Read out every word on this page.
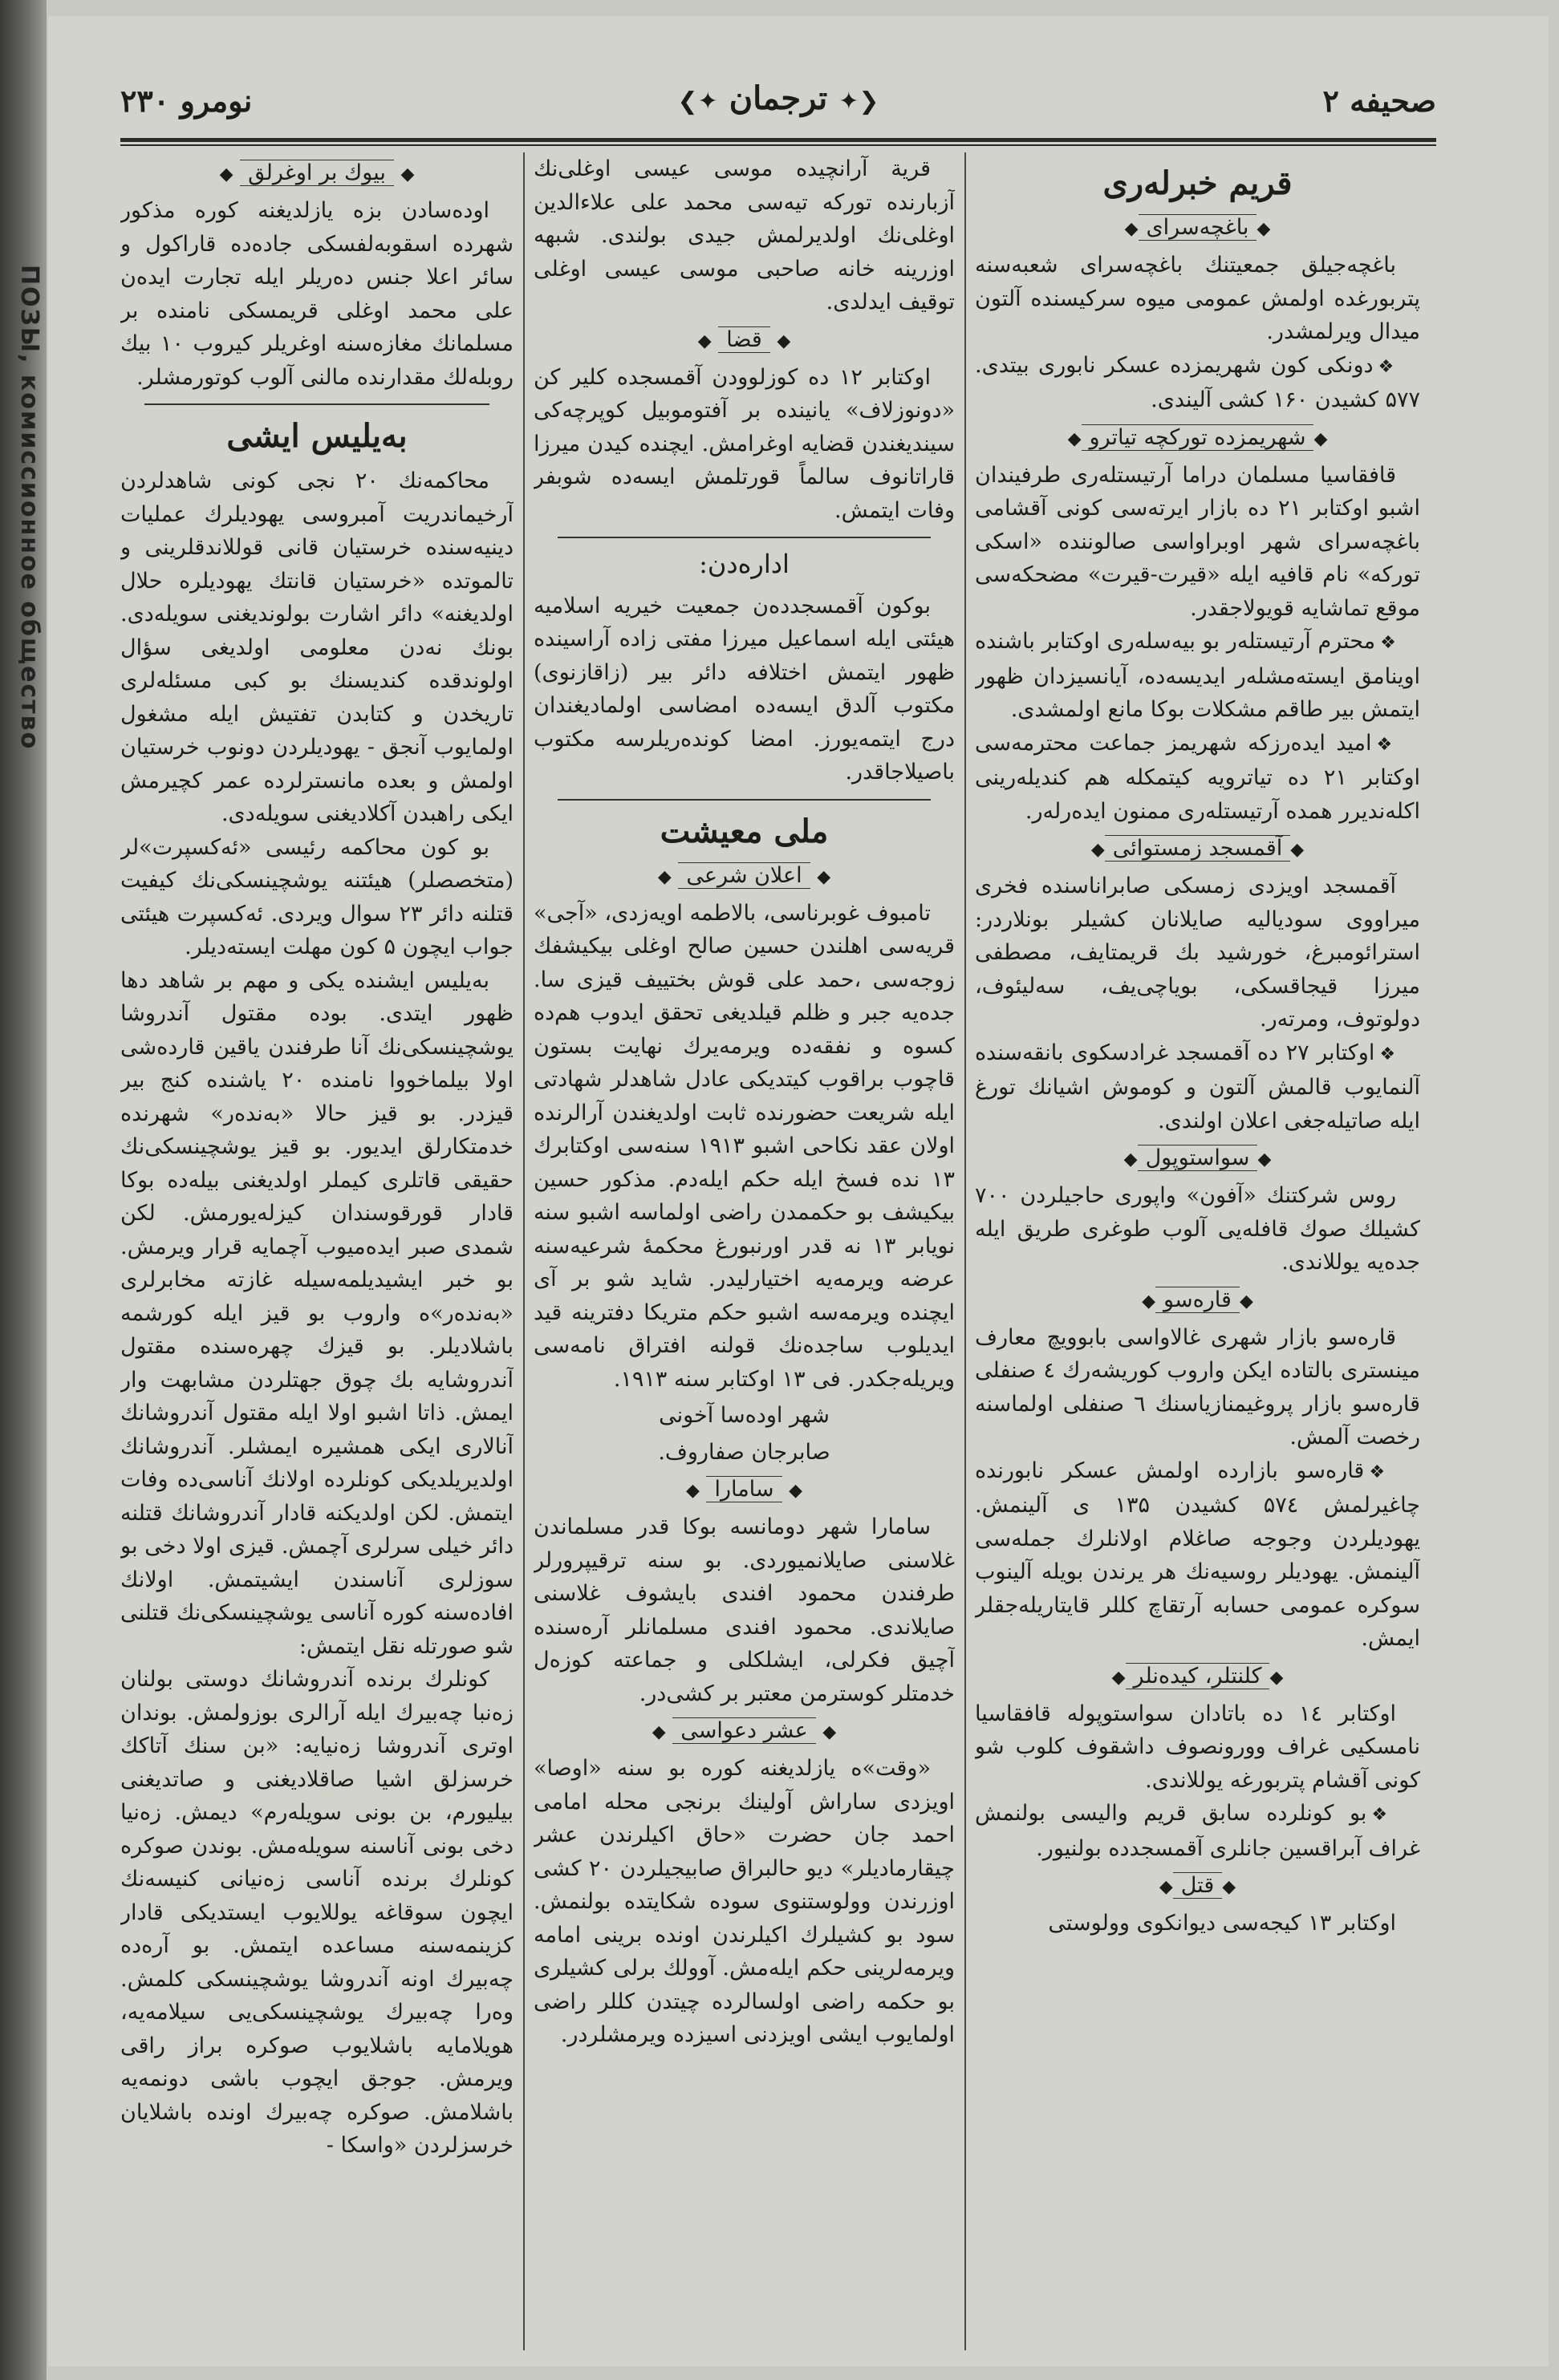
ПОЗЫ, комиссионное общество
صحیفه ۲
❮✦ ترجمان ✦❯
نومرو ۲۳۰
قریم خبرلەری
◆باغچەسرای◆

باغچەجیلق جمعیتنك باغچەسرای شعبەسنه پتربورغدە اولمش عمومی میوه سرکیسنده آلتون میدال ویرلمشدر.

❖دونکی کون شهریمزده عسکر نابوری بیتدی. ۵۷۷ کشیدن ۱۶۰ کشی آلیندی.

◆شهریمزده تورکچه تیاترو◆

قافقاسیا مسلمان دراما آرتیستلەری طرفیندان اشبو اوکتابر ۲۱ ده بازار ایرتەسی کونی آقشامی باغچەسرای شهر اوبراواسی صالوننده «اسکی تورکه» نام قافیه ایله «قیرت-قیرت» مضحکه‌سی موقع تماشایه قویولاجقدر.

❖محترم آرتیستلەر بو بیەسلەری اوکتابر باشنده اوینامق ایستەمشلەر ایدیسەده، آیانسیزدان ظهور ایتمش بیر طاقم مشکلات بوکا مانع اولمشدی.

❖امید ایدەرزکه شهریمز جماعت محترمەسی اوکتابر ۲۱ ده تیاترویه کیتمکله هم کندیلەرینی اکلەندیرر همده آرتیستلەری ممنون ایدەرلەر.

◆آقمسجد زمستوائی◆

آقمسجد اویزدی زمسکی صابراناسنده فخری میراووی سودیالیه صایلانان کشیلر بونلاردر: استرائومبرغ، خورشید بك قریمتایف، مصطفی میرزا قیجاقسکی، بویاچی‌یف، سەلیئوف، دولوتوف، ومرتەر.

❖اوکتابر ۲۷ ده آقمسجد غرادسکوی بانقەسنده آلنمایوب قالمش آلتون و کوموش اشیانك تورغ ایله صاتیلەجغی اعلان اولندی.

◆سواستوپول◆

روس شرکتنك «آفون» واپوری حاجیلردن ۷۰۰ کشیلك صوك قافلەیی آلوب طوغری طریق ایله جدەیه یوللاندی.

◆قاره‌سو◆

قاره‌سو بازار شهری غالاواسی بابوویچ معارف مینستری بالتاده ایکن واروب کوریشەرك ٤ صنفلی قاره‌سو بازار پروغیمنازیاسنك ٦ صنفلی اولماسنه رخصت آلمش.

❖قاره‌سو بازارده اولمش عسکر نابورنده چاغیرلمش ۵۷٤ کشیدن ۱۳۵ ی آلینمش. یهودیلردن وجوجه صاغلام اولانلرك جملەسی آلینمش. یهودیلر روسیەنك هر یرندن بویله آلینوب سوکره عمومی حسابه آرتقاچ کللر قایتاریلەجقلر ایمش.

◆کلنتلر، کیده‌نلر◆

اوکتابر ۱٤ ده باتادان سواستوپوله قافقاسیا نامسکیی غراف وورونصوف داشقوف کلوب شو کونی آقشام پتربورغه یوللاندی.

❖بو کونلرده سابق قریم والیسی بولنمش غراف آبراقسین جانلری آقمسجدده بولنیور.

◆قتل◆

اوکتابر ۱۳ کیجەسی دیوانکوی وولوستی

قریة آرانچیده موسی عیسی اوغلی‌نك آزبارنده تورکه تیەسی محمد علی علاءالدین اوغلی‌نك اولدیرلمش جیدی بولندی. شبهه اوزرینه خانه صاحبی موسی عیسی اوغلی توقیف ایدلدی.

◆ قضا ◆

اوکتابر ۱۲ ده کوزلوودن آقمسجده کلیر کن «دونوزلاف» یانینده بر آفتوموبیل کوپرچه‌کی سینديغندن قضایه اوغرامش. ایچنده کیدن میرزا قاراتانوف سالماً قورتلمش ایسەده شوبفر وفات ایتمش.

اداره‌دن:

بوکون آقمسجددەن جمعیت خیریه اسلامیه هیئتی ایله اسماعیل میرزا مفتی زاده آراسینده ظهور ایتمش اختلافه دائر بیر (زاقازنوی) مکتوب آلدق ایسەده امضاسی اولمادیغندان درج ایتمەیورز. امضا کوندەریلرسه مکتوب باصیلاجاقدر.

ملی معیشت
◆ اعلان شرعی ◆

تامبوف غوبرناسی، بالاطمه اویەزدی، «آجی» قریەسی اهلندن حسین صالح اوغلی بیکیشفك زوجەسی ،حمد علی قوش بختییف قیزی سا. جدەیه جبر و ظلم قیلدیغی تحقق ایدوب هم‌ده کسوه و نفقەده ویرمەیرك نهایت بستون قاچوب براقوب کیتدیکی عادل شاهدلر شهادتی ایله شریعت حضورنده ثابت اولدیغندن آرالرنده اولان عقد نکاحی اشبو ۱۹۱۳ سنەسی اوکتابرك ۱۳ نده فسخ ایله حکم ایلەدم. مذکور حسین بیکیشف بو حکممدن راضی اولماسه اشبو سنه نویابر ۱۳ نه قدر اورنبورغ محکمهٔ شرعیەسنه عرضه ویرمەیه اختیارلیدر. شاید شو بر آی ایچنده ویرمەسه اشبو حکم متریکا دفترینه قید ایدیلوب ساجدەنك قولنه افتراق نامەسی ویریلەجکدر. فی ۱۳ اوکتابر سنه ۱۹۱۳.

شهر اودەسا آخونی
صابرجان صفاروف.
◆ سامارا ◆

سامارا شهر دومانسه بوکا قدر مسلماندن غلاسنی صایلانمیوردی. بو سنه ترقیپرورلر طرفندن محمود افندی بایشوف غلاسنی صایلاندی. محمود افندی مسلمانلر آرەسنده آچیق فکرلی، ایشلکلی و جماعته کوزەل خدمتلر کوسترمن معتبر بر کشی‌در.

◆ عشر دعواسی ◆

«وقت»ه یازلدیغنه کوره بو سنه «اوصا» اویزدی ساراش آولینك برنجی محله امامی احمد جان حضرت «حاق اکیلرندن عشر چیقارمادیلر» دیو حالبراق صابیجیلردن ۲۰ کشی اوزرندن وولوستنوی سودە شکایتده بولنمش. سود بو کشیلرك اکیلرندن اونده برینی امامه ویرمه‌لرینی حکم ایلەمش. آوولك برلی کشیلری بو حکمه راضی اولسالرده چیتدن کللر راضی اولمایوب ایشی اویزدنی اسیزده ویرمشلردر.

◆ بیوك بر اوغرلق ◆

اودەسادن بزه یازلدیغنه کوره مذکور شهرده اسقوبەلفسکی جادەده قاراکول و سائر اعلا جنس دەریلر ایله تجارت ایدەن علی محمد اوغلی قریمسکی نامنده بر مسلمانك مغازەسنه اوغریلر کیروب ۱۰ بیك روبلەلك مقدارنده مالنی آلوب کوتورمشلر.

بەیلیس ایشی

محاکمەنك ۲۰ نجی کونی شاهدلردن آرخیماندریت آمبروسی یهودیلرك عملیات دینیه‌سنده خرستیان قانی قوللاندقلرینی و تالموتده «خرستیان قانتك یهودیلره حلال اولدیغنه» دائر اشارت بولوندیغنی سویلەدی. بونك نەدن معلومی اولدیغی سؤال اولوندقده کندیسنك بو کبی مسئلەلری تاریخدن و کتابدن تفتیش ایله مشغول اولمایوب آنجق - یهودیلردن دونوب خرستیان اولمش و بعده مانسترلرده عمر کچیرمش ایکی راهبدن آکلادیغنی سویلەدی.

بو کون محاکمه رئیسی «ئەکسپرت»لر (متخصصلر) هیئتنه یوشچینسکی‌نك کیفیت قتلنه دائر ۲۳ سوال ویردی. ئەکسپرت هیئتی جواب ایچون ۵ کون مهلت ایستەدیلر.

بەیلیس ایشنده یکی و مهم بر شاهد دها ظهور ایتدی. بوده مقتول آندروشا یوشچینسکی‌نك آنا طرفندن یاقین قارده‌شی اولا بیلماخووا نامنده ۲۰ یاشنده کنج بیر قیزدر. بو قیز حالا «بەندەر» شهرنده خدمتکارلق ایدیور. بو قیز یوشچینسکی‌نك حقیقی قاتلری کیملر اولدیغنی بیلەده بوکا قادار قورقوسندان کیزلەیورمش. لکن شمدی صبر ایدەمیوب آچمایه قرار ویرمش. بو خبر ایشیدیلمەسیله غازته مخابرلری «بەندەر»ه واروب بو قیز ایله کورشمه باشلادیلر. بو قیزك چهرەسنده مقتول آندروشایه بك چوق جهتلردن مشابهت وار ایمش. ذاتا اشبو اولا ایله مقتول آندروشانك آنالاری ایکی همشیره ایمشلر. آندروشانك اولدیریلدیکی کونلرده اولانك آناسی‌ده وفات ایتمش. لکن اولدیکنه قادار آندروشانك قتلنه دائر خیلی سرلری آچمش. قیزی اولا دخی بو سوزلری آناسندن ایشیتمش. اولانك افادەسنه کوره آناسی یوشچینسکی‌نك قتلنی شو صورتله نقل ایتمش:

کونلرك برنده آندروشانك دوستی بولنان زەنبا چەبیرك ایله آرالری بوزولمش. بوندان اوتری آندروشا زەنیایه: «بن سنك آتا‌کك خرسزلق اشیا صاقلادیغنی و صاتدیغنی بیلیورم، بن بونی سویلەرم» دیمش. زەنیا دخی بونی آناسنه سویلەمش. بوندن صوکره کونلرك برنده آناسی زەنیانی کنیسەنك ایچون سوقاغه یوللایوب ایستدیکی قادار کزینمەسنه مساعده ایتمش. بو آرەده چەبیرك اونه آندروشا یوشچینسکی کلمش. وەرا چەبیرك یوشچینسکی‌یی سیلامەیه، هویلامایه باشلایوب صوکره براز راقی ویرمش. جوجق ایچوب باشی دونمەیه باشلامش. صوکره چەبیرك اونده باشلایان خرسزلردن «واسکا -
